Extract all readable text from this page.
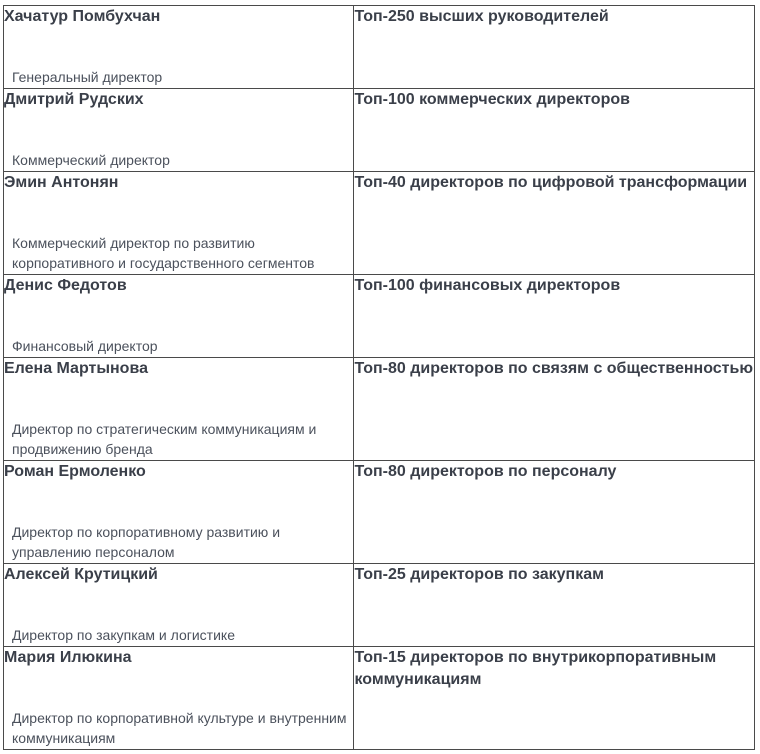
Хачатур Помбухчан
Генеральный директор	Топ-250 высших руководителей

Дмитрий Рудских
Коммерческий директор	Топ-100 коммерческих директоров

Эмин Антонян
Коммерческий директор по развитию корпоративного и государственного сегментов	Топ-40 директоров по цифровой трансформации

Денис Федотов
Финансовый директор	Топ-100 финансовых директоров

Елена Мартынова
Директор по стратегическим коммуникациям и продвижению бренда	Топ-80 директоров по связям с общественностью

Роман Ермоленко
Директор по корпоративному развитию и управлению персоналом	Топ-80 директоров по персоналу

Алексей Крутицкий
Директор по закупкам и логистике	Топ-25 директоров по закупкам

Мария Илюкина
Директор по корпоративной культуре и внутренним коммуникациям	Топ-15 директоров по внутрикорпоративным коммуникациям
